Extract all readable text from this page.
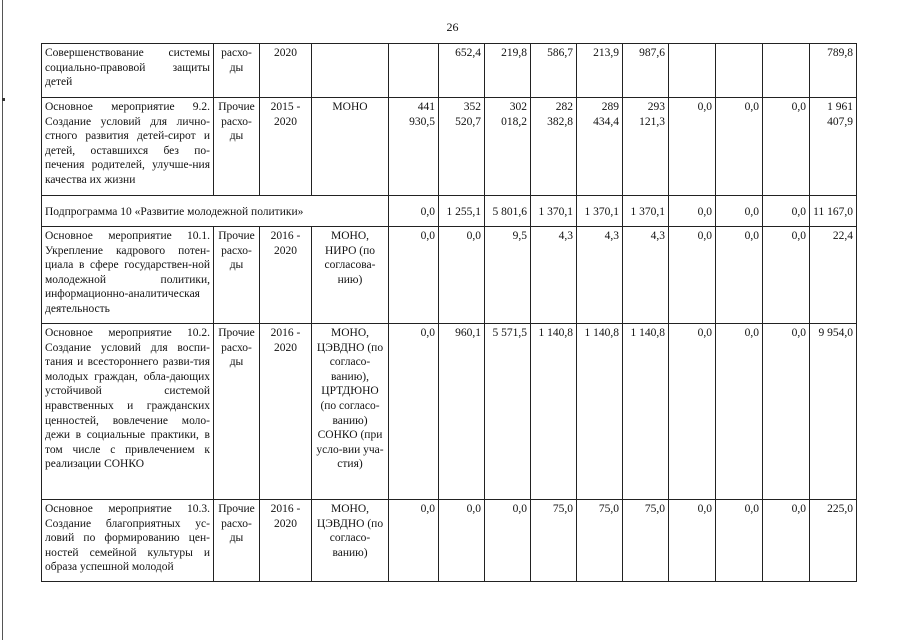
26
Совершенствование системы социально-правовой защиты детей	расхо-ды	2020			652,4	219,8	586,7	213,9	987,6				789,8
Основное мероприятие 9.2. Создание условий для лично-стного развития детей-сирот и детей, оставшихся без по-печения родителей, улучше-ния качества их жизни	Прочие расхо-ды	2015 - 2020	МОНО	441 930,5	352 520,7	302 018,2	282 382,8	289 434,4	293 121,3	0,0	0,0	0,0	1 961 407,9
Подпрограмма 10 «Развитие молодежной политики»				0,0	1 255,1	5 801,6	1 370,1	1 370,1	1 370,1	0,0	0,0	0,0	11 167,0
Основное мероприятие 10.1. Укрепление кадрового потен-циала в сфере государствен-ной молодежной политики, информационно-аналитическая деятельность	Прочие расхо-ды	2016 - 2020	МОНО, НИРО (по согласова-нию)	0,0	0,0	9,5	4,3	4,3	4,3	0,0	0,0	0,0	22,4
Основное мероприятие 10.2. Создание условий для воспи-тания и всестороннего разви-тия молодых граждан, обла-дающих устойчивой системой нравственных и гражданских ценностей, вовлечение моло-дежи в социальные практики, в том числе с привлечением к реализации СОНКО	Прочие расхо-ды	2016 - 2020	МОНО, ЦЭВДНО (по согласо-ванию), ЦРТДЮНО (по согласо-ванию) СОНКО (при усло-вии уча-стия)	0,0	960,1	5 571,5	1 140,8	1 140,8	1 140,8	0,0	0,0	0,0	9 954,0
Основное мероприятие 10.3. Создание благоприятных ус-ловий по формированию цен-ностей семейной культуры и образа успешной молодой	Прочие расхо-ды	2016 - 2020	МОНО, ЦЭВДНО (по согласо-ванию)	0,0	0,0	0,0	75,0	75,0	75,0	0,0	0,0	0,0	225,0
